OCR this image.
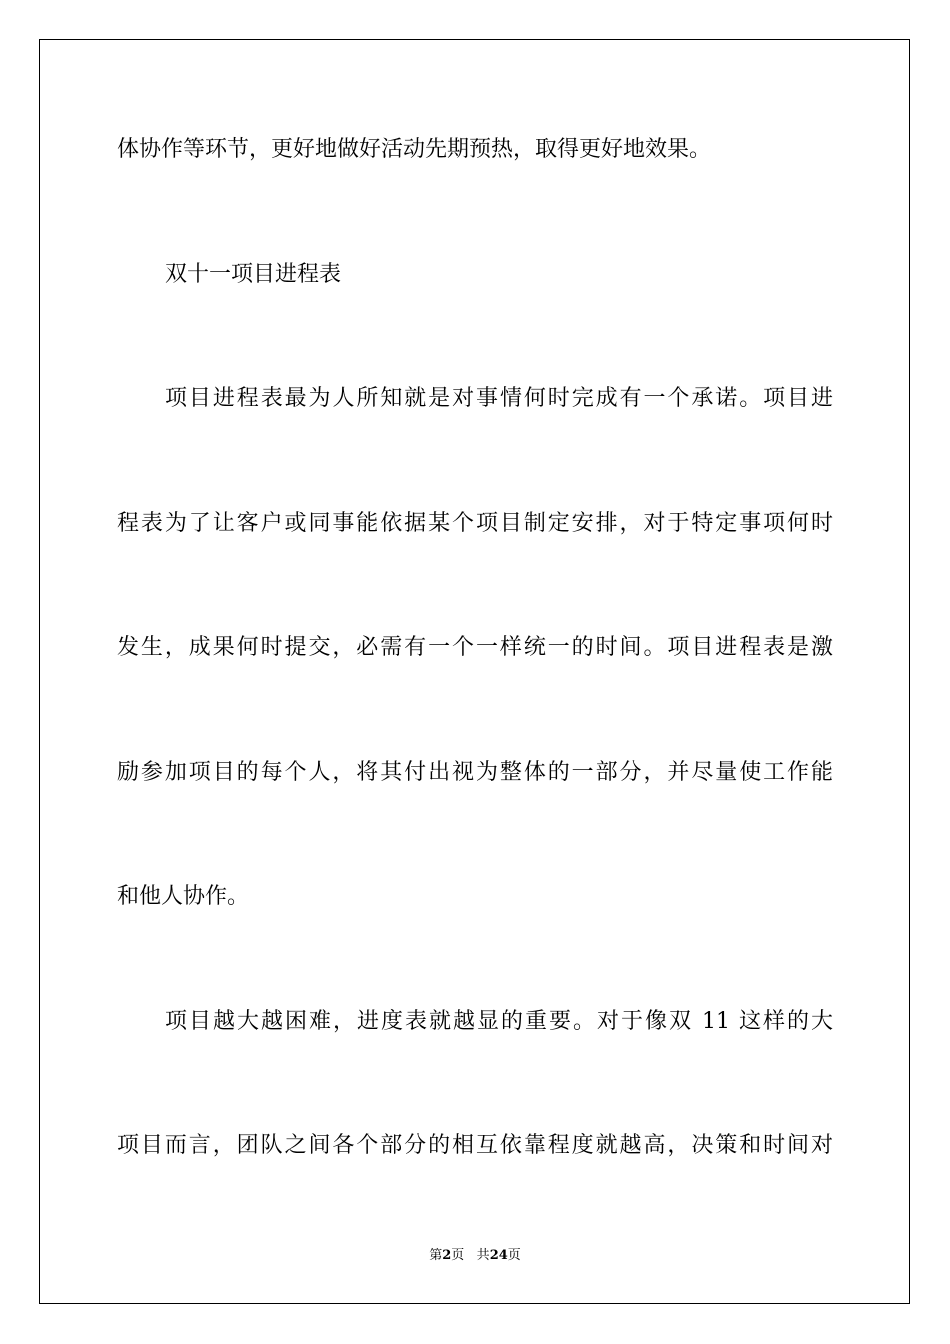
体协作等环节，更好地做好活动先期预热，取得更好地效果。
双十一项目进程表
项目进程表最为人所知就是对事情何时完成有一个承诺。项目进
程表为了让客户或同事能依据某个项目制定安排，对于特定事项何时
发生，成果何时提交，必需有一个一样统一的时间。项目进程表是激
励参加项目的每个人，将其付出视为整体的一部分，并尽量使工作能
和他人协作。
项目越大越困难，进度表就越显的重要。对于像双 11 这样的大
项目而言，团队之间各个部分的相互依靠程度就越高，决策和时间对
第2页 共24页
